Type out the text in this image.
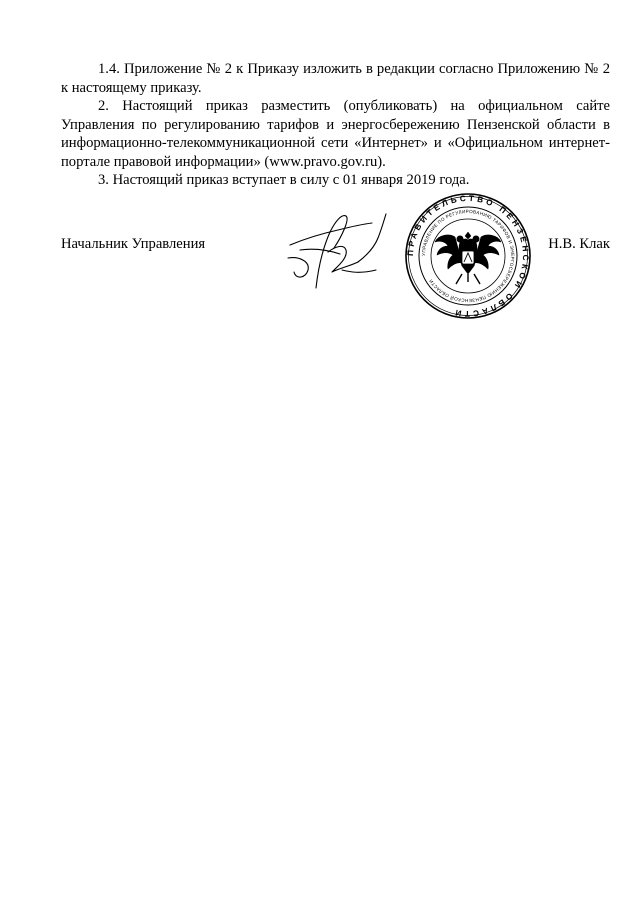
1.4. Приложение № 2 к Приказу изложить в редакции согласно Приложению № 2 к настоящему приказу.

2. Настоящий приказ разместить (опубликовать) на официальном сайте Управления по регулированию тарифов и энергосбережению Пензенской области в информационно-телекоммуникационной сети «Интернет» и «Официальном интернет-портале правовой информации» (www.pravo.gov.ru).

3. Настоящий приказ вступает в силу с 01 января 2019 года.

Начальник Управления	ПРАВИТЕЛЬСТВО ПЕНЗЕНСКОЙ ОБЛАСТИ
УПРАВЛЕНИЕ ПО РЕГУЛИРОВАНИЮ ТАРИФОВ И ЭНЕРГОСБЕРЕЖЕНИЮ ПЕНЗЕНСКОЙ ОБЛАСТИ
Н.В. Клак
